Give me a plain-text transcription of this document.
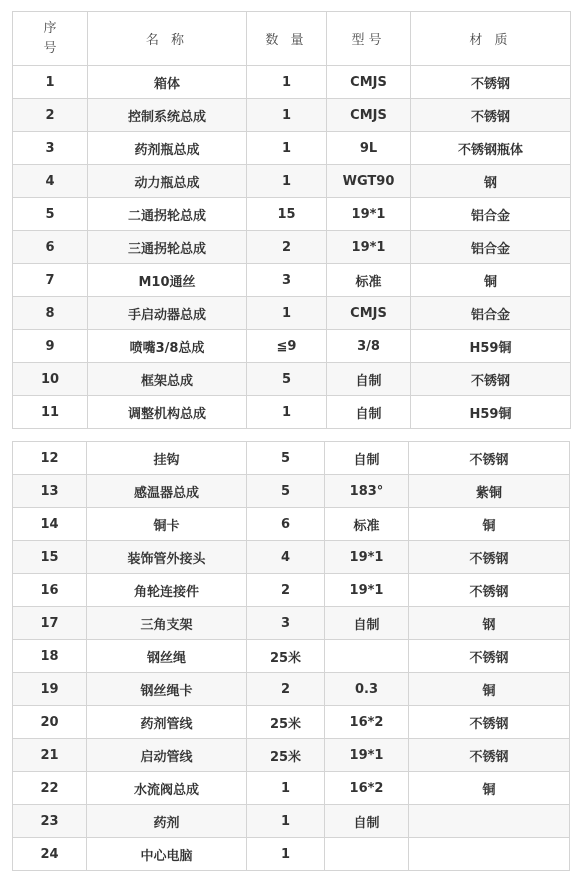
序
号	名 称	数 量	型号	材 质
1	箱体	1	CMJS	不锈钢
2	控制系统总成	1	CMJS	不锈钢
3	药剂瓶总成	1	9L	不锈钢瓶体
4	动力瓶总成	1	WGT90	钢
5	二通拐轮总成	15	19*1	铝合金
6	三通拐轮总成	2	19*1	铝合金
7	M10通丝	3	标准	铜
8	手启动器总成	1	CMJS	铝合金
9	喷嘴3/8总成	≦9	3/8	H59铜
10	框架总成	5	自制	不锈钢
11	调整机构总成	1	自制	H59铜
12	挂钩	5	自制	不锈钢
13	感温器总成	5	183°	紫铜
14	铜卡	6	标准	铜
15	装饰管外接头	4	19*1	不锈钢
16	角轮连接件	2	19*1	不锈钢
17	三角支架	3	自制	钢
18	钢丝绳	25米		不锈钢
19	钢丝绳卡	2	0.3	铜
20	药剂管线	25米	16*2	不锈钢
21	启动管线	25米	19*1	不锈钢
22	水流阀总成	1	16*2	铜
23	药剂	1	自制	
24	中心电脑	1		
